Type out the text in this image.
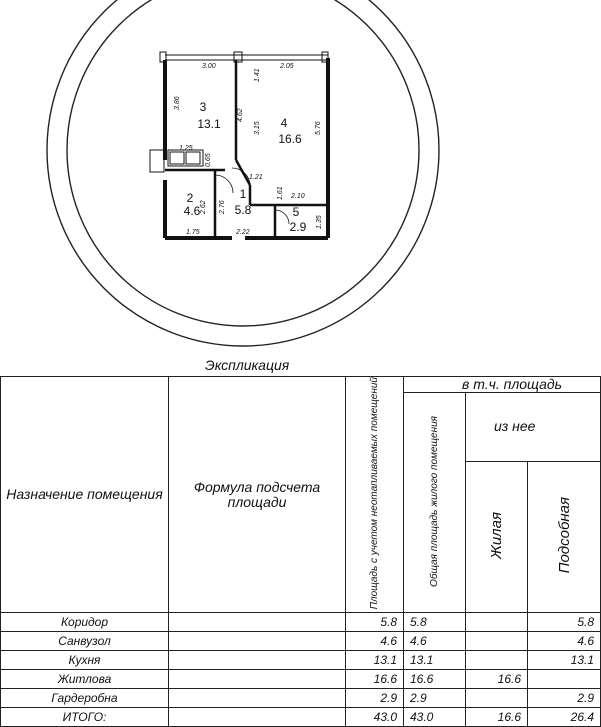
3
13.1	4
16.6
2
4.6
1
5.8	5
2.9
3.00	2.05
1.41
3.86
4.62
3.15	5.76
1.25
0.65
1.21
1.61 2.10
2.62 2.76
1.75	2.22
1.35
Экспликация
Назначение помещения	Формула подсчета площади	Площадь с учетом неотапливаемых помещений	в т.ч. площадь		
			Общая площадь жилого помещения	из нее	
				Жилая	Подсобная
Коридор		5.8	5.8		5.8
Санвузол		4.6	4.6		4.6
Кухня		13.1	13.1		13.1
Житлова		16.6	16.6	16.6	
Гардеробна		2.9	2.9		2.9
ИТОГО:		43.0	43.0	16.6	26.4
